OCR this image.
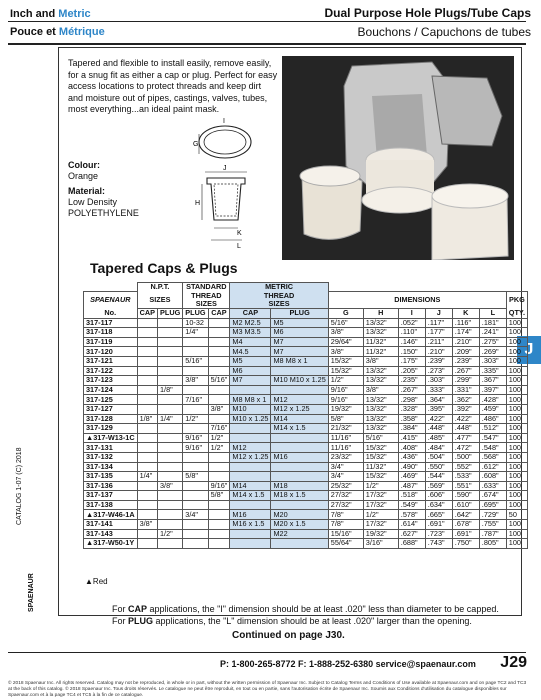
Inch and Metric
Pouce et Métrique
Dual Purpose Hole Plugs/Tube Caps
Bouchons / Capuchons de tubes
Tapered and flexible to install easily, remove easily, for a snug fit as either a cap or plug. Perfect for easy access locations to protect threads and keep dirt and moisture out of pipes, castings, valves, tubes, most everything...an ideal paint mask.
Colour:
Orange
Material:
Low Density
POLYETHYLENE
G
I
J
H
K
L
Tapered Caps & Plugs
J
	N.P.T.		STANDARD		METRIC								
SPAENAUR	SIZES		THREAD
SIZES		THREAD
SIZES		DIMENSIONS						PKG
No.	CAP	PLUG	PLUG	CAP	CAP	PLUG	G	H	I	J	K	L	QTY.
317-117			10-32		M2 M2.5	M5	5/16"	13/32"	.052"	.117"	.116"	.181"	100
317-118			1/4"		M3 M3.5	M6	3/8"	13/32"	.110"	.177"	.174"	.241"	100
317-119					M4	M7	29/64"	11/32"	.146"	.211"	.210"	.275"	100
317-120					M4.5	M7	3/8"	11/32"	.150"	.210"	.209"	.269"	100
317-121			5/16"		M5	M8 M8 x 1	15/32"	3/8"	.175"	.239"	.239"	.303"	100
317-122					M6		15/32"	13/32"	.205"	.273"	.267"	.335"	100
317-123			3/8"	5/16"	M7	M10 M10 x 1.25	1/2"	13/32"	.235"	.303"	.299"	.367"	100
317-124		1/8"					9/16"	3/8"	.267"	.333"	.331"	.397"	100
317-125			7/16"		M8 M8 x 1	M12	9/16"	13/32"	.298"	.364"	.362"	.428"	100
317-127				3/8"	M10	M12 x 1.25	19/32"	13/32"	.328"	.395"	.392"	.459"	100
317-128	1/8"	1/4"	1/2"		M10 x 1.25	M14	5/8"	13/32"	.358"	.422"	.422"	.486"	100
317-129				7/16"		M14 x 1.5	21/32"	13/32"	.384"	.448"	.448"	.512"	100
▲317-W13-1C			9/16"	1/2"			11/16"	5/16"	.415"	.485"	.477"	.547"	100
317-131			9/16"	1/2"	M12		11/16"	15/32"	.408"	.484"	.472"	.548"	100
317-132					M12 x 1.25	M16	23/32"	15/32"	.436"	.504"	.500"	.568"	100
317-134							3/4"	11/32"	.490"	.550"	.552"	.612"	100
317-135	1/4"		5/8"				3/4"	15/32"	.469"	.544"	.533"	.608"	100
317-136		3/8"		9/16"	M14	M18	25/32"	1/2"	.487"	.569"	.551"	.633"	100
317-137				5/8"	M14 x 1.5	M18 x 1.5	27/32"	17/32"	.518"	.606"	.590"	.674"	100
317-138							27/32"	17/32"	.549"	.634"	.610"	.695"	100
▲317-W46-1A			3/4"		M16	M20	7/8"	1/2"	.578"	.665"	.642"	.729"	50
317-141	3/8"				M16 x 1.5	M20 x 1.5	7/8"	17/32"	.614"	.691"	.678"	.755"	100
317-143		1/2"				M22	15/16"	19/32"	.627"	.723"	.691"	.787"	100
▲317-W50-1Y							55/64"	3/16"	.688"	.743"	.750"	.805"	100
▲Red
For CAP applications, the "I" dimension should be at least .020" less than diameter to be capped.
For PLUG applications, the "L" dimension should be at least .020" larger than the opening.
Continued on page J30.
P: 1-800-265-8772 F: 1-888-252-6380 service@spaenaur.com J29
© 2018 Spaenaur Inc. All rights reserved. Catalog may not be reproduced, in whole or in part, without the written permission of Spaenaur Inc. Subject to Catalog Terms and Conditions of Use available at Spaenaur.com and on page TC2 and TC3 at the back of this catalog. © 2018 Spaenaur Inc. Tous droits réservés. Le catalogue ne peut être reproduit, en tout ou en partie, sans l'autorisation écrite de Spaenaur Inc. Soumis aux Conditions d'utilisation du catalogue disponibles sur Spaenaur.com et à la page TC4 et TC5 à la fin de ce catalogue.
CATALOG 1-07 (C) 2018
SPAENAUR
